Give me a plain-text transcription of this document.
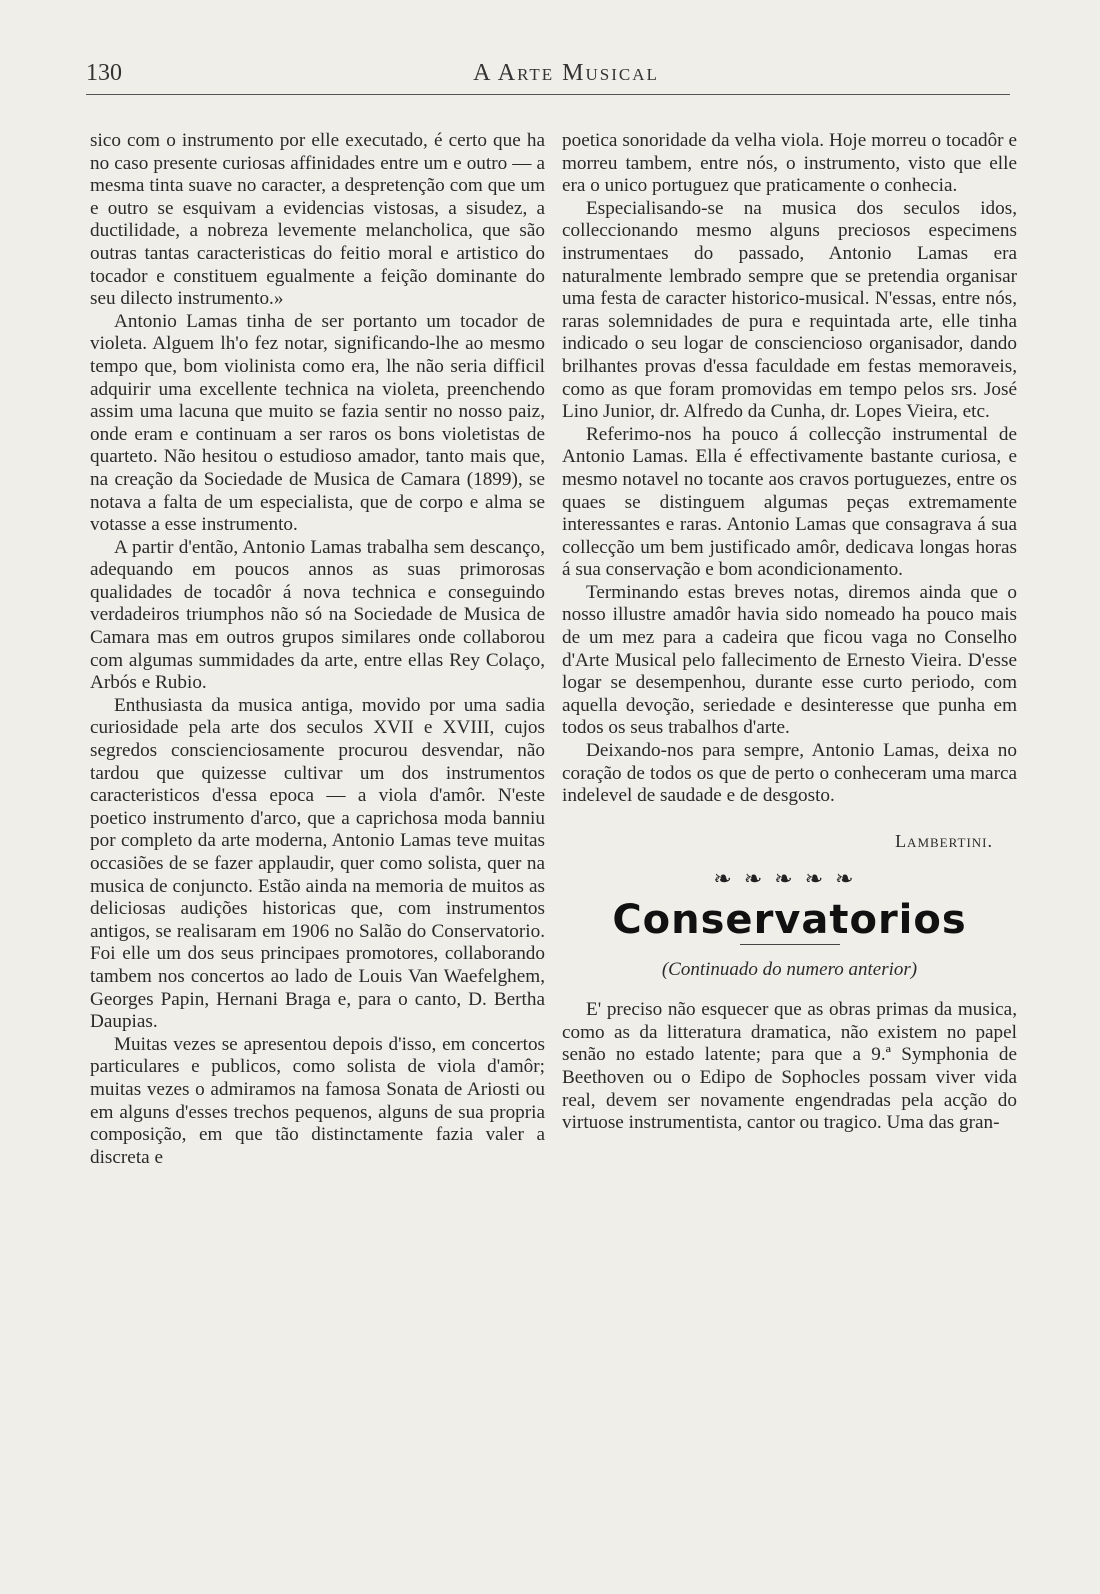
130	A Arte Musical

sico com o instrumento por elle executado, é certo que ha no caso presente curiosas affinidades entre um e outro — a mesma tinta suave no caracter, a despretenção com que um e outro se esquivam a evidencias vistosas, a sisudez, a ductilidade, a nobreza levemente melancholica, que são outras tantas caracteristicas do feitio moral e artistico do tocador e constituem egualmente a feição dominante do seu dilecto instrumento.»

Antonio Lamas tinha de ser portanto um tocador de violeta. Alguem lh'o fez notar, significando-lhe ao mesmo tempo que, bom violinista como era, lhe não seria difficil adquirir uma excellente technica na violeta, preenchendo assim uma lacuna que muito se fazia sentir no nosso paiz, onde eram e continuam a ser raros os bons violetistas de quarteto. Não hesitou o estudioso amador, tanto mais que, na creação da Sociedade de Musica de Camara (1899), se notava a falta de um especialista, que de corpo e alma se votasse a esse instrumento.

A partir d'então, Antonio Lamas trabalha sem descanço, adequando em poucos annos as suas primorosas qualidades de tocadôr á nova technica e conseguindo verdadeiros triumphos não só na Sociedade de Musica de Camara mas em outros grupos similares onde collaborou com algumas summidades da arte, entre ellas Rey Colaço, Arbós e Rubio.

Enthusiasta da musica antiga, movido por uma sadia curiosidade pela arte dos seculos XVII e XVIII, cujos segredos conscienciosamente procurou desvendar, não tardou que quizesse cultivar um dos instrumentos caracteristicos d'essa epoca — a viola d'amôr. N'este poetico instrumento d'arco, que a caprichosa moda banniu por completo da arte moderna, Antonio Lamas teve muitas occasiões de se fazer applaudir, quer como solista, quer na musica de conjuncto. Estão ainda na memoria de muitos as deliciosas audições historicas que, com instrumentos antigos, se realisaram em 1906 no Salão do Conservatorio. Foi elle um dos seus principaes promotores, collaborando tambem nos concertos ao lado de Louis Van Waefelghem, Georges Papin, Hernani Braga e, para o canto, D. Bertha Daupias.

Muitas vezes se apresentou depois d'isso, em concertos particulares e publicos, como solista de viola d'amôr; muitas vezes o admiramos na famosa Sonata de Ariosti ou em alguns d'esses trechos pequenos, alguns de sua propria composição, em que tão distinctamente fazia valer a discreta e

poetica sonoridade da velha viola. Hoje morreu o tocadôr e morreu tambem, entre nós, o instrumento, visto que elle era o unico portuguez que praticamente o conhecia.

Especialisando-se na musica dos seculos idos, colleccionando mesmo alguns preciosos especimens instrumentaes do passado, Antonio Lamas era naturalmente lembrado sempre que se pretendia organisar uma festa de caracter historico-musical. N'essas, entre nós, raras solemnidades de pura e requintada arte, elle tinha indicado o seu logar de consciencioso organisador, dando brilhantes provas d'essa faculdade em festas memoraveis, como as que foram promovidas em tempo pelos srs. José Lino Junior, dr. Alfredo da Cunha, dr. Lopes Vieira, etc.

Referimo-nos ha pouco á collecção instrumental de Antonio Lamas. Ella é effectivamente bastante curiosa, e mesmo notavel no tocante aos cravos portuguezes, entre os quaes se distinguem algumas peças extremamente interessantes e raras. Antonio Lamas que consagrava á sua collecção um bem justificado amôr, dedicava longas horas á sua conservação e bom acondicionamento.

Terminando estas breves notas, diremos ainda que o nosso illustre amadôr havia sido nomeado ha pouco mais de um mez para a cadeira que ficou vaga no Conselho d'Arte Musical pelo fallecimento de Ernesto Vieira. D'esse logar se desempenhou, durante esse curto periodo, com aquella devoção, seriedade e desinteresse que punha em todos os seus trabalhos d'arte.

Deixando-nos para sempre, Antonio Lamas, deixa no coração de todos os que de perto o conheceram uma marca indelevel de saudade e de desgosto.

Lambertini.
❧❧❧❧❧
Conservatorios
(Continuado do numero anterior)

E' preciso não esquecer que as obras primas da musica, como as da litteratura dramatica, não existem no papel senão no estado latente; para que a 9.ª Symphonia de Beethoven ou o Edipo de Sophocles possam viver vida real, devem ser novamente engendradas pela acção do virtuose instrumentista, cantor ou tragico. Uma das gran-
